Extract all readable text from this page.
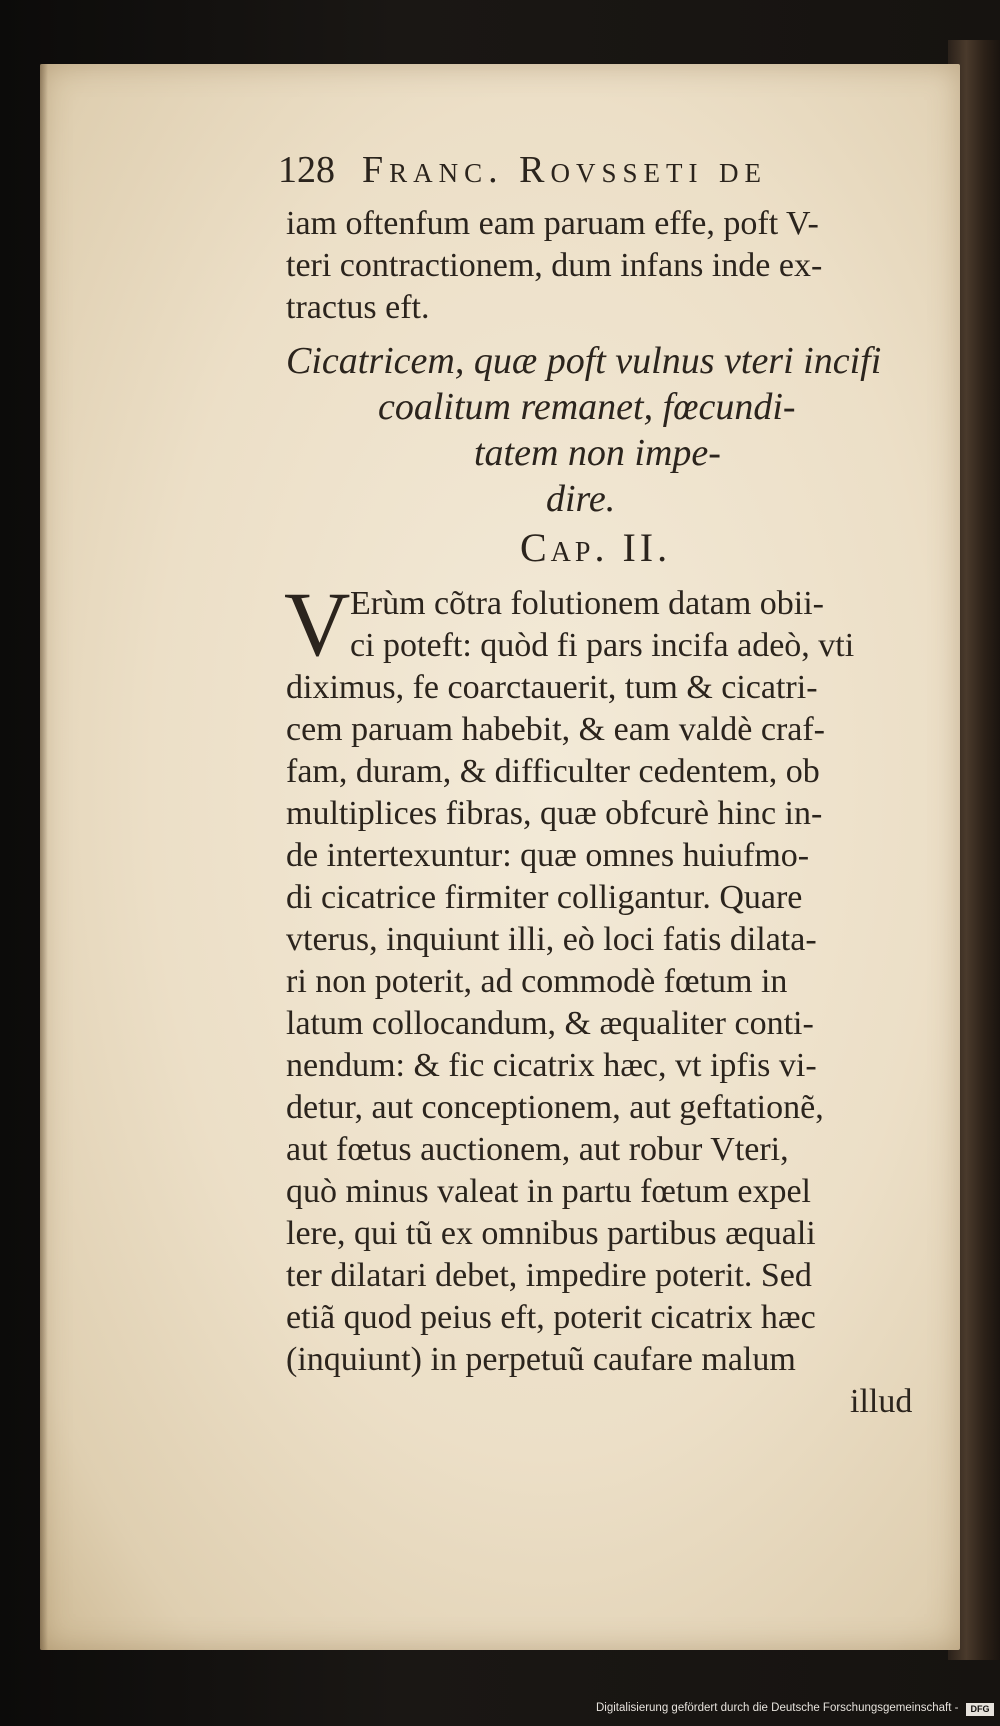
128 Franc. Rovsseti de
iam oftenfum eam paruam effe, poft V-
teri contractionem, dum infans inde ex-
tractus eft.
Cicatricem, quæ poft vulnus vteri incifi
coalitum remanet, fœcundi-
tatem non impe-
dire.
Cap. II.
V Erùm cõtra folutionem datam obii-
ci poteft: quòd fi pars incifa adeò, vti
diximus, fe coarctauerit, tum & cicatri-
cem paruam habebit, & eam valdè craf-
fam, duram, & difficulter cedentem, ob
multiplices fibras, quæ obfcurè hinc in-
de intertexuntur: quæ omnes huiufmo-
di cicatrice firmiter colligantur. Quare
vterus, inquiunt illi, eò loci fatis dilata-
ri non poterit, ad commodè fœtum in
latum collocandum, & æqualiter conti-
nendum: & fic cicatrix hæc, vt ipfis vi-
detur, aut conceptionem, aut geftationẽ,
aut fœtus auctionem, aut robur Vteri,
quò minus valeat in partu fœtum expel
lere, qui tũ ex omnibus partibus æquali
ter dilatari debet, impedire poterit. Sed
etiã quod peius eft, poterit cicatrix hæc
(inquiunt) in perpetuũ caufare malum
illud
Digitalisierung gefördert durch die Deutsche Forschungsgemeinschaft -	DFG
